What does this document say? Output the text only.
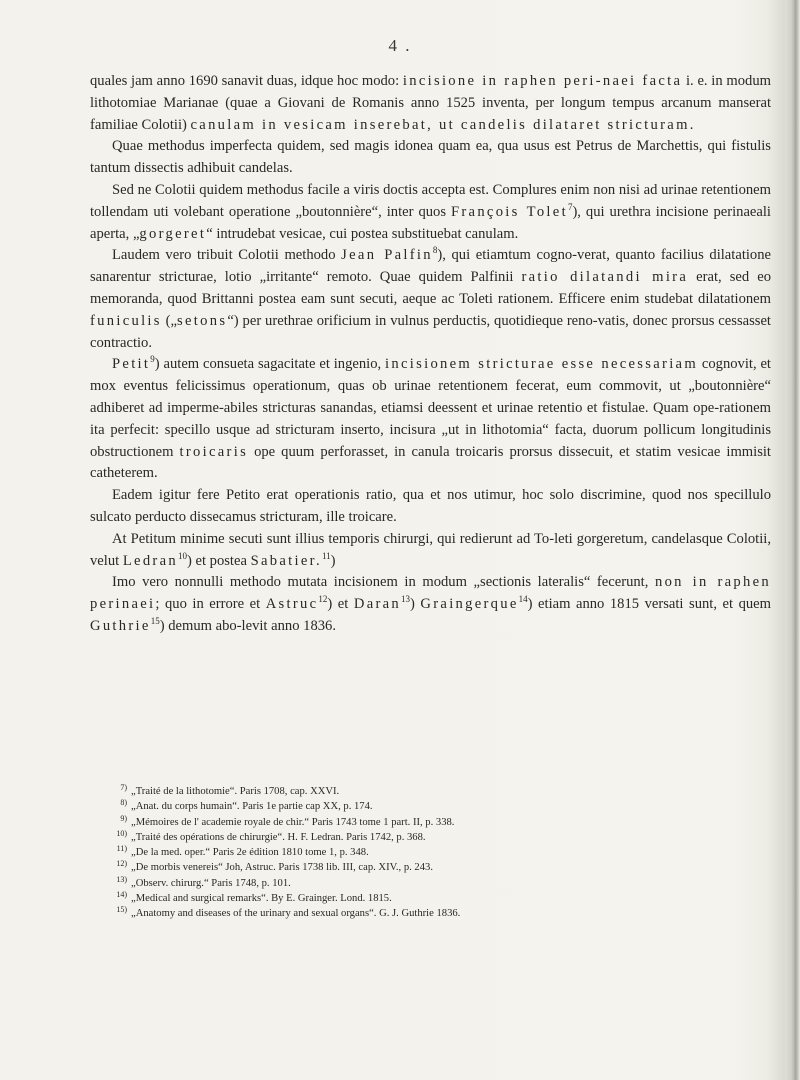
4 .

quales jam anno 1690 sanavit duas, idque hoc modo: incisione in raphen peri-naei facta i. e. in modum lithotomiae Marianae (quae a Giovani de Romanis anno 1525 inventa, per longum tempus arcanum manserat familiae Colotii) canulam in vesicam inserebat, ut candelis dilataret stricturam.

Quae methodus imperfecta quidem, sed magis idonea quam ea, qua usus est Petrus de Marchettis, qui fistulis tantum dissectis adhibuit candelas.

Sed ne Colotii quidem methodus facile a viris doctis accepta est. Complures enim non nisi ad urinae retentionem tollendam uti volebant operatione „boutonnière“, inter quos François Tolet$^7$), qui urethra incisione perinaeali aperta, „gorgeret“ intrudebat vesicae, cui postea substituebat canulam.

Laudem vero tribuit Colotii methodo Jean Palfin$^8$), qui etiamtum cogno-verat, quanto facilius dilatatione sanarentur stricturae, lotio „irritante“ remoto. Quae quidem Palfinii ratio dilatandi mira erat, sed eo memoranda, quod Brittanni postea eam sunt secuti, aeque ac Toleti rationem. Efficere enim studebat dilatationem funiculis („setons“) per urethrae orificium in vulnus perductis, quotidieque reno-vatis, donec prorsus cessasset contractio.

Petit$^9$) autem consueta sagacitate et ingenio, incisionem stricturae esse necessariam cognovit, et mox eventus felicissimus operationum, quas ob urinae retentionem fecerat, eum commovit, ut „boutonnière“ adhiberet ad imperme-abiles stricturas sanandas, etiamsi deessent et urinae retentio et fistulae. Quam ope-rationem ita perfecit: specillo usque ad stricturam inserto, incisura „ut in lithotomia“ facta, duorum pollicum longitudinis obstructionem troicaris ope quum perforasset, in canula troicaris prorsus dissecuit, et statim vesicae immisit catheterem.

Eadem igitur fere Petito erat operationis ratio, qua et nos utimur, hoc solo discrimine, quod nos specillulo sulcato perducto dissecamus stricturam, ille troicare.

At Petitum minime secuti sunt illius temporis chirurgi, qui redierunt ad To-leti gorgeretum, candelasque Colotii, velut Ledran$^{10}$) et postea Sabatier.$^{11}$)

Imo vero nonnulli methodo mutata incisionem in modum „sectionis lateralis“ fecerunt, non in raphen perinaei; quo in errore et Astruc$^{12}$) et Daran$^{13}$) Graingerque$^{14}$) etiam anno 1815 versati sunt, et quem Guthrie$^{15}$) demum abo-levit anno 1836.

7) „Traité de la lithotomie“. Paris 1708, cap. XXVI.
8) „Anat. du corps humain“. Paris 1e partie cap XX, p. 174.
9) „Mémoires de l' academie royale de chir.“ Paris 1743 tome 1 part. II, p. 338.
10) „Traité des opérations de chirurgie“. H. F. Ledran. Paris 1742, p. 368.
11) „De la med. oper.“ Paris 2e édition 1810 tome 1, p. 348.
12) „De morbis venereis“ Joh, Astruc. Paris 1738 lib. III, cap. XIV., p. 243.
13) „Observ. chirurg.“ Paris 1748, p. 101.
14) „Medical and surgical remarks“. By E. Grainger. Lond. 1815.
15) „Anatomy and diseases of the urinary and sexual organs“. G. J. Guthrie 1836.
